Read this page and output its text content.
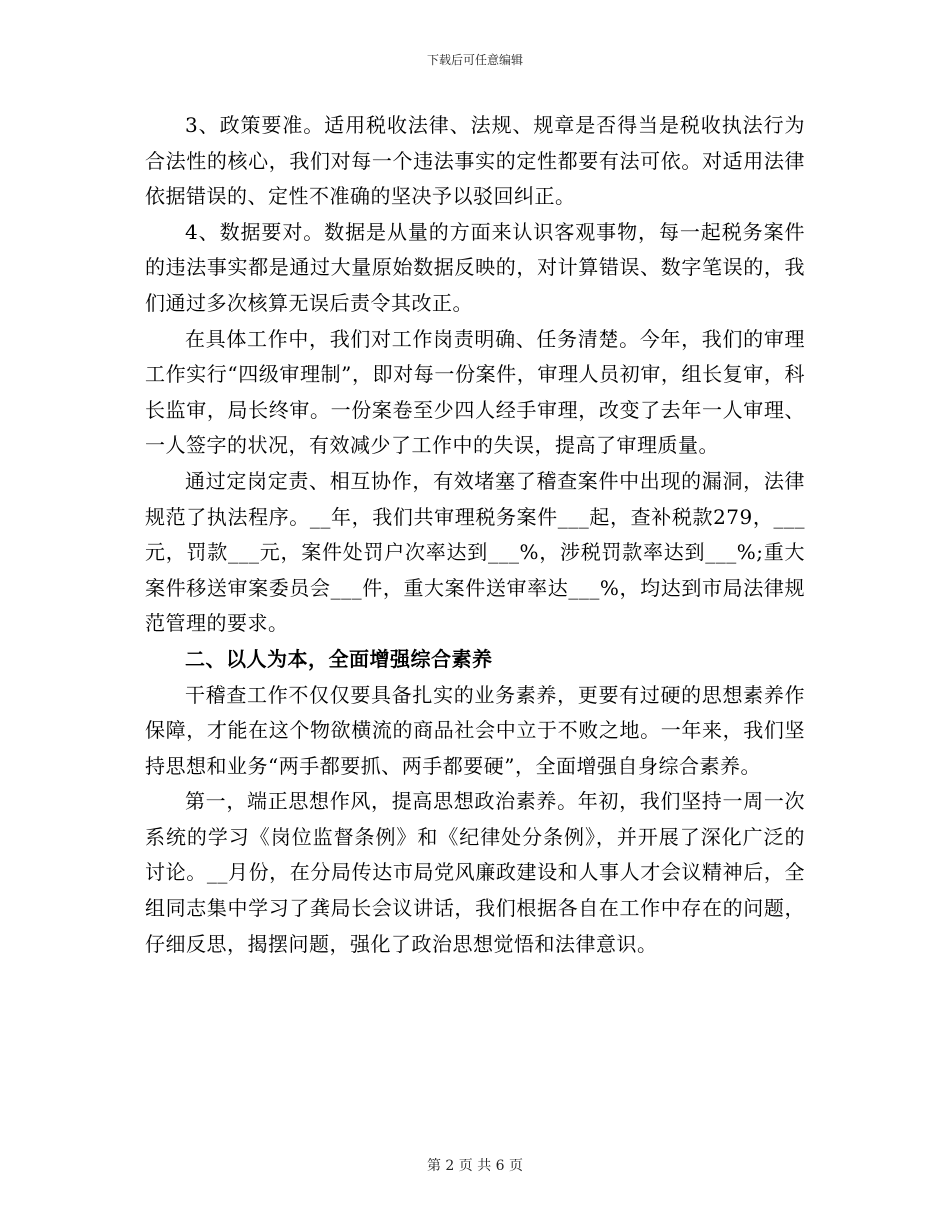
下载后可任意编辑

3、政策要准。适用税收法律、法规、规章是否得当是税收执法行为合法性的核心，我们对每一个违法事实的定性都要有法可依。对适用法律依据错误的、定性不准确的坚决予以驳回纠正。

4、数据要对。数据是从量的方面来认识客观事物，每一起税务案件的违法事实都是通过大量原始数据反映的，对计算错误、数字笔误的，我们通过多次核算无误后责令其改正。

在具体工作中，我们对工作岗责明确、任务清楚。今年，我们的审理工作实行“四级审理制”，即对每一份案件，审理人员初审，组长复审，科长监审，局长终审。一份案卷至少四人经手审理，改变了去年一人审理、一人签字的状况，有效减少了工作中的失误，提高了审理质量。

通过定岗定责、相互协作，有效堵塞了稽查案件中出现的漏洞，法律规范了执法程序。__年，我们共审理税务案件___起，查补税款279，___元，罚款___元，案件处罚户次率达到___%，涉税罚款率达到___%;重大案件移送审案委员会___件，重大案件送审率达___%，均达到市局法律规范管理的要求。

二、以人为本，全面增强综合素养

干稽查工作不仅仅要具备扎实的业务素养，更要有过硬的思想素养作保障，才能在这个物欲横流的商品社会中立于不败之地。一年来，我们坚持思想和业务“两手都要抓、两手都要硬”，全面增强自身综合素养。

第一，端正思想作风，提高思想政治素养。年初，我们坚持一周一次系统的学习《岗位监督条例》和《纪律处分条例》，并开展了深化广泛的讨论。__月份，在分局传达市局党风廉政建设和人事人才会议精神后，全组同志集中学习了龚局长会议讲话，我们根据各自在工作中存在的问题，仔细反思，揭摆问题，强化了政治思想觉悟和法律意识。

第 2 页 共 6 页
